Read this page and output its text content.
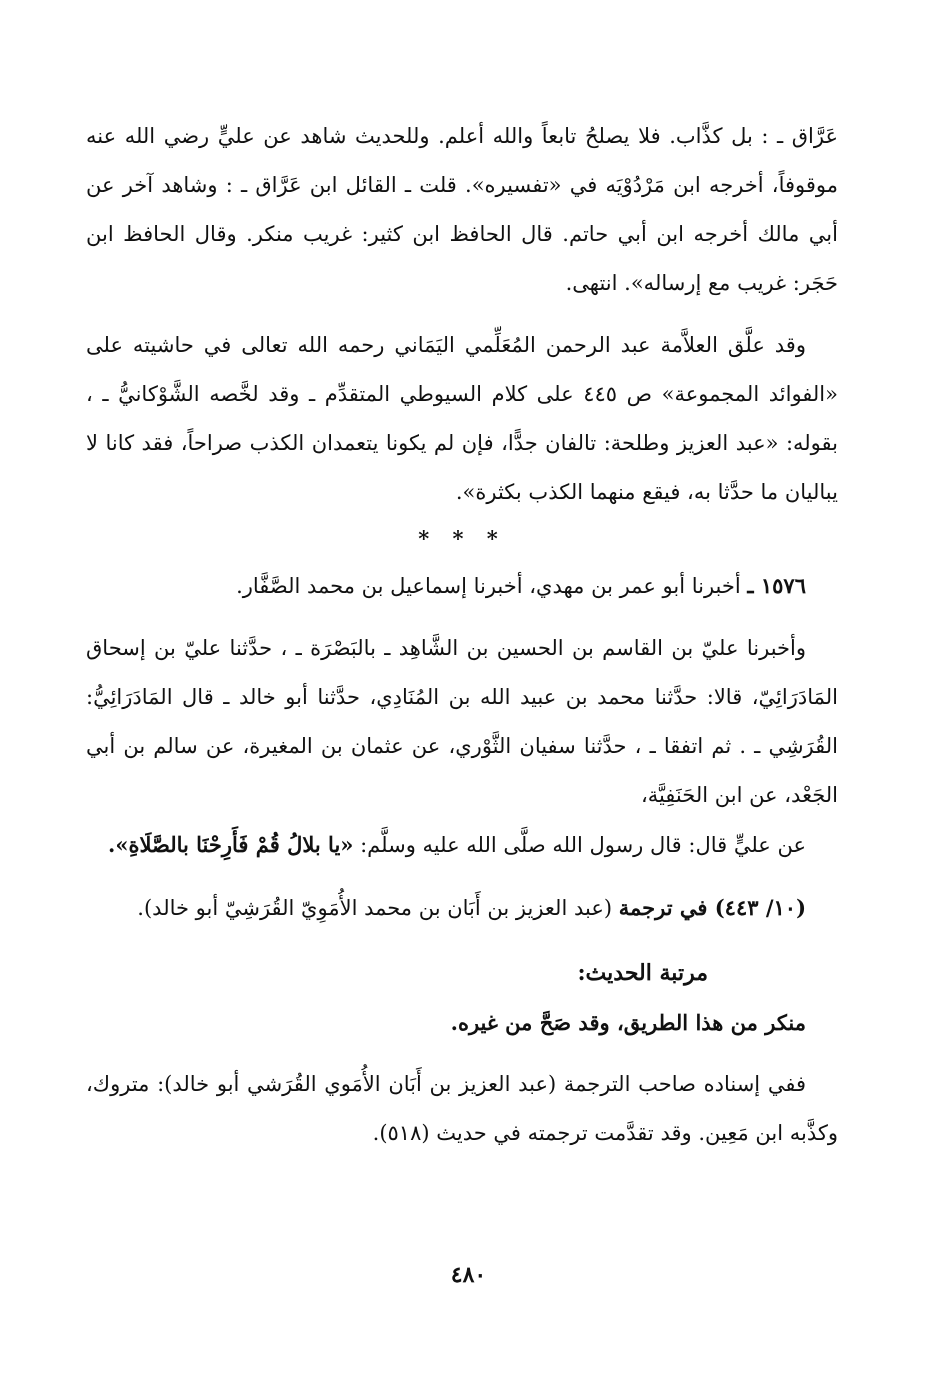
عَرَّاق ـ : بل كذَّاب. فلا يصلحُ تابعاً والله أعلم. وللحديث شاهد عن عليٍّ رضي الله عنه موقوفاً، أخرجه ابن مَرْدُوْيَه في «تفسيره». قلت ـ القائل ابن عَرَّاق ـ : وشاهد آخر عن أبي مالك أخرجه ابن أبي حاتم. قال الحافظ ابن كثير: غريب منكر. وقال الحافظ ابن حَجَر: غريب مع إرساله». انتهى.

وقد علَّق العلاَّمة عبد الرحمن المُعَلِّمي اليَمَاني رحمه الله تعالى في حاشيته على «الفوائد المجموعة» ص ٤٤٥ على كلام السيوطي المتقدِّم ـ وقد لخَّصه الشَّوْكانيُّ ـ ، بقوله: «عبد العزيز وطلحة: تالفان جدًّا، فإن لم يكونا يتعمدان الكذب صراحاً، فقد كانا لا يباليان ما حدَّثا به، فيقع منهما الكذب بكثرة».

* * *

١٥٧٦ ـ أخبرنا أبو عمر بن مهدي، أخبرنا إسماعيل بن محمد الصَّفَّار.

وأخبرنا عليّ بن القاسم بن الحسين بن الشَّاهِد ـ بالبَصْرَة ـ ، حدَّثنا عليّ بن إسحاق المَادَرَائِيّ، قالا: حدَّثنا محمد بن عبيد الله بن المُنَادِي، حدَّثنا أبو خالد ـ قال المَادَرَائِيُّ: القُرَشِي ـ . ثم اتفقا ـ ، حدَّثنا سفيان الثَّوْري، عن عثمان بن المغيرة، عن سالم بن أبي الجَعْد، عن ابن الحَنَفِيَّة،

عن عليٍّ قال: قال رسول الله صلَّى الله عليه وسلَّم: «يا بلالُ قُمْ فَأَرِحْنَا بالصَّلَاةِ».

(١٠/ ٤٤٣) في ترجمة (عبد العزيز بن أَبَان بن محمد الأُمَوِيّ القُرَشِيّ أبو خالد).

مرتبة الحديث:

منكر من هذا الطريق، وقد صَحَّ من غيره.

ففي إسناده صاحب الترجمة (عبد العزيز بن أَبَان الأُمَوي القُرَشي أبو خالد): متروك، وكذَّبه ابن مَعِين. وقد تقدَّمت ترجمته في حديث (٥١٨).

٤٨٠
